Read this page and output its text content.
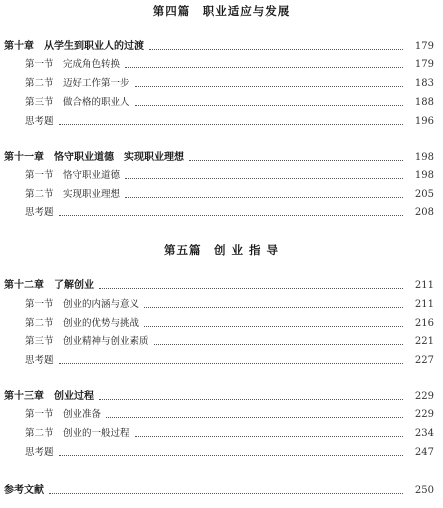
第四篇　职业适应与发展
第十章　从学生到职业人的过渡	179
第一节　完成角色转换	179
第二节　迈好工作第一步	183
第三节　做合格的职业人	188
思考题	196
第十一章　恪守职业道德　实现职业理想	198
第一节　恪守职业道德	198
第二节　实现职业理想	205
思考题	208
第五篇　创 业 指 导
第十二章　了解创业	211
第一节　创业的内涵与意义	211
第二节　创业的优势与挑战	216
第三节　创业精神与创业素质	221
思考题	227
第十三章　创业过程	229
第一节　创业准备	229
第二节　创业的一般过程	234
思考题	247
参考文献	250
